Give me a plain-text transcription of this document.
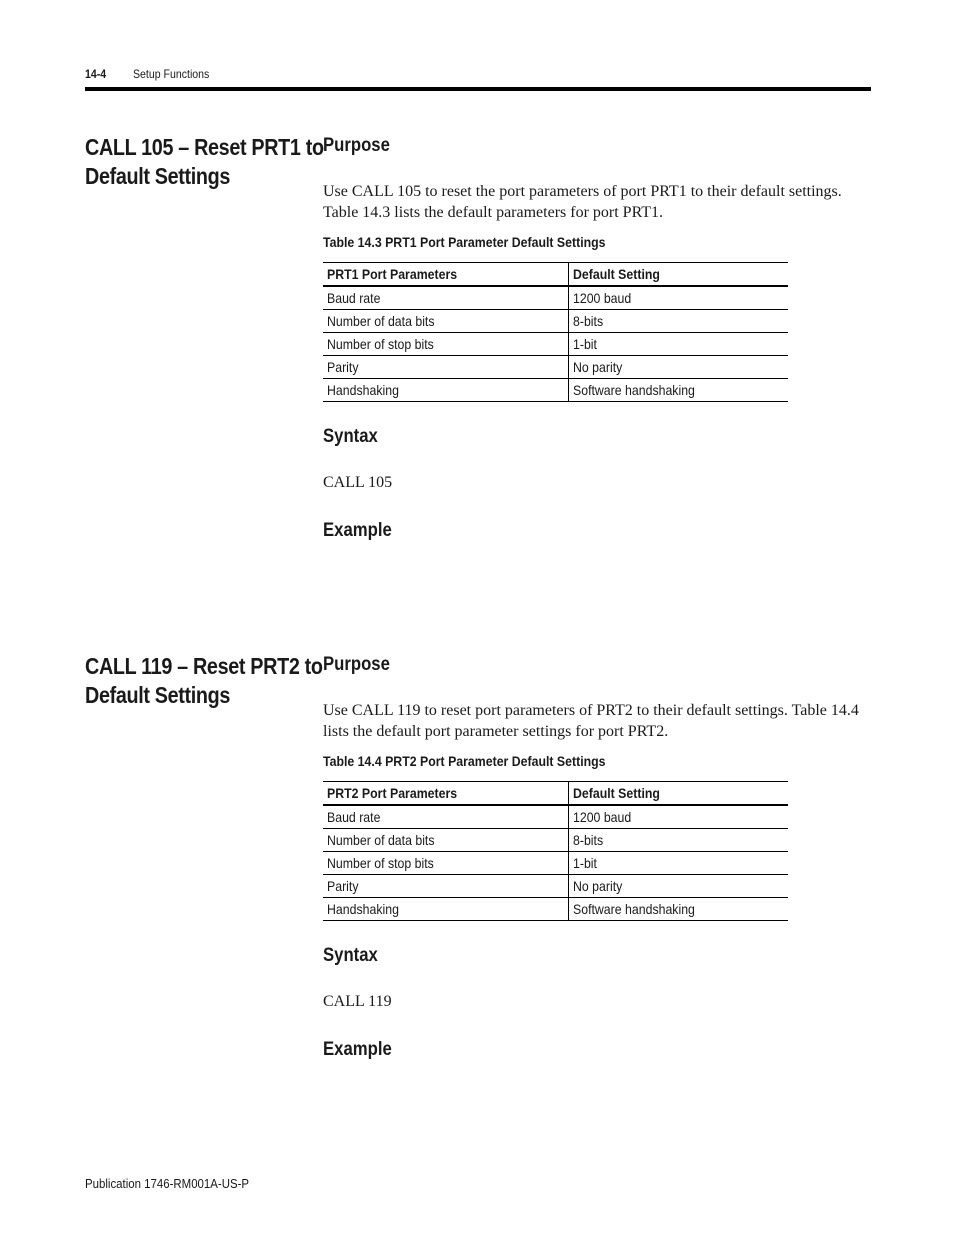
14-4 Setup Functions
CALL 105 – Reset PRT1 to
Default Settings
Purpose
Use CALL 105 to reset the port parameters of port PRT1 to their default settings. Table 14.3 lists the default parameters for port PRT1.
Table 14.3 PRT1 Port Parameter Default Settings
PRT1 Port Parameters	Default Setting
Baud rate	1200 baud
Number of data bits	8-bits
Number of stop bits	1-bit
Parity	No parity
Handshaking	Software handshaking
Syntax
CALL 105
Example
CALL 119 – Reset PRT2 to
Default Settings
Purpose
Use CALL 119 to reset port parameters of PRT2 to their default settings. Table 14.4 lists the default port parameter settings for port PRT2.
Table 14.4 PRT2 Port Parameter Default Settings
PRT2 Port Parameters	Default Setting
Baud rate	1200 baud
Number of data bits	8-bits
Number of stop bits	1-bit
Parity	No parity
Handshaking	Software handshaking
Syntax
CALL 119
Example
Publication 1746-RM001A-US-P
